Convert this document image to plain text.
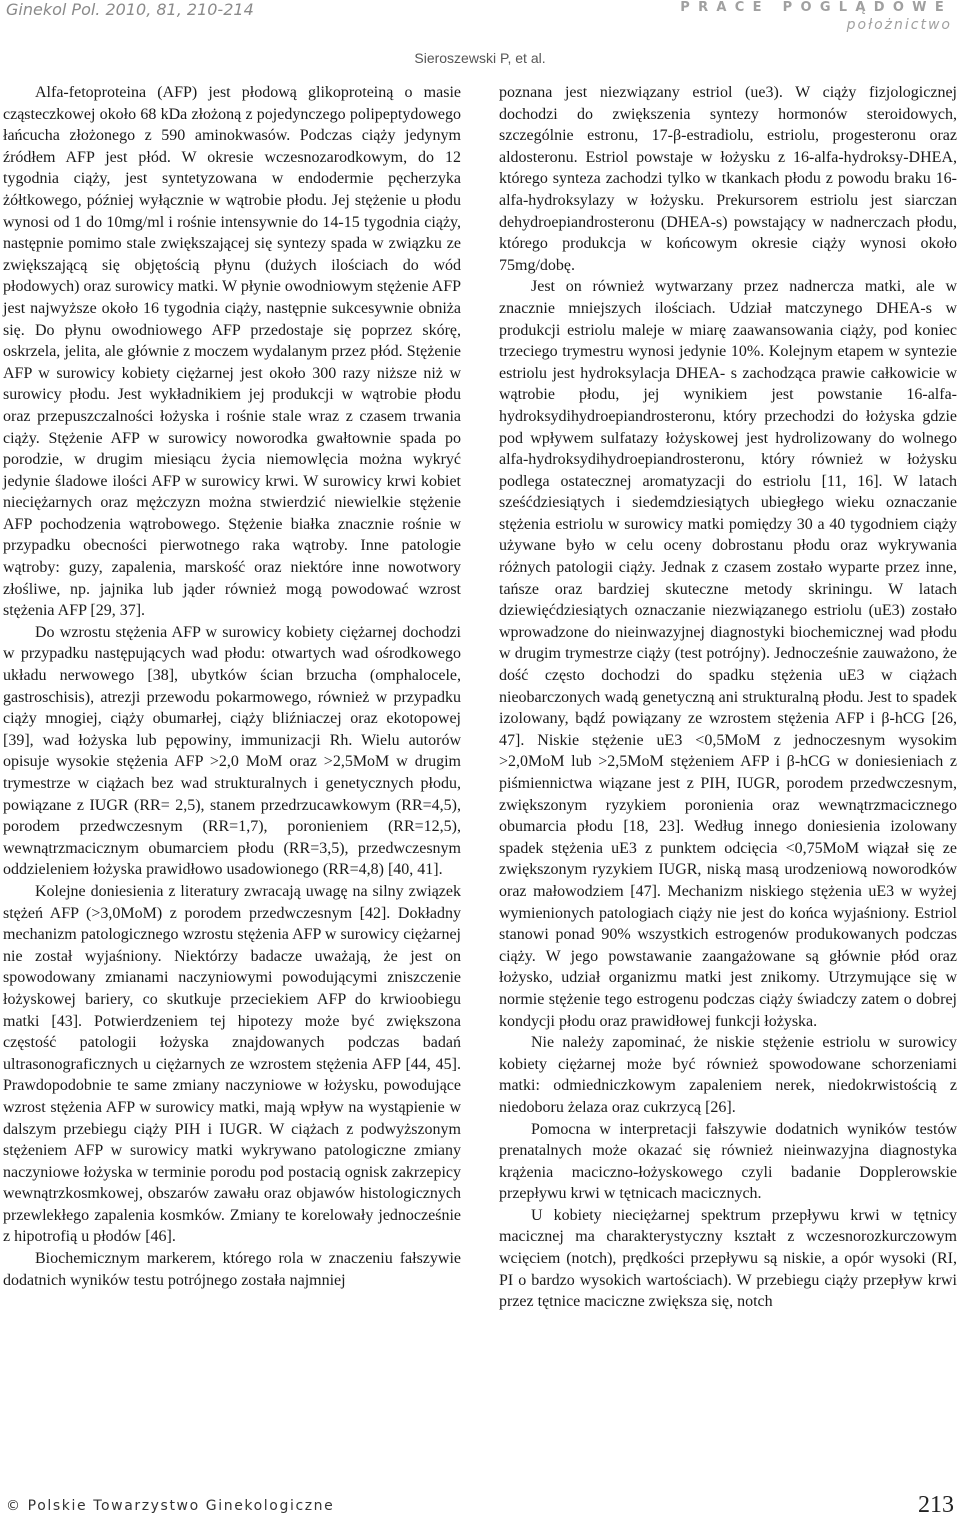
Ginekol Pol. 2010, 81, 210-214	PRACE POGLĄDOWE
położnictwo
Sieroszewski P, et al.

Alfa-fetoproteina (AFP) jest płodową glikoproteiną o masie cząsteczkowej około 68 kDa złożoną z pojedynczego polipeptydowego łańcucha złożonego z 590 aminokwasów. Podczas ciąży jedynym źródłem AFP jest płód. W okresie wczesnozarodkowym, do 12 tygodnia ciąży, jest syntetyzowana w endodermie pęcherzyka żółtkowego, później wyłącznie w wątrobie płodu. Jej stężenie u płodu wynosi od 1 do 10mg/ml i rośnie intensywnie do 14-15 tygodnia ciąży, następnie pomimo stale zwiększającej się syntezy spada w związku ze zwiększającą się objętością płynu (dużych ilościach do wód płodowych) oraz surowicy matki. W płynie owodniowym stężenie AFP jest najwyższe około 16 tygodnia ciąży, następnie sukcesywnie obniża się. Do płynu owodniowego AFP przedostaje się poprzez skórę, oskrzela, jelita, ale głównie z moczem wydalanym przez płód. Stężenie AFP w surowicy kobiety ciężarnej jest około 300 razy niższe niż w surowicy płodu. Jest wykładnikiem jej produkcji w wątrobie płodu oraz przepuszczalności łożyska i rośnie stale wraz z czasem trwania ciąży. Stężenie AFP w surowicy noworodka gwałtownie spada po porodzie, w drugim miesiącu życia niemowlęcia można wykryć jedynie śladowe ilości AFP w surowicy krwi. W surowicy krwi kobiet nieciężarnych oraz mężczyzn można stwierdzić niewielkie stężenie AFP pochodzenia wątrobowego. Stężenie białka znacznie rośnie w przypadku obecności pierwotnego raka wątroby. Inne patologie wątroby: guzy, zapalenia, marskość oraz niektóre inne nowotwory złośliwe, np. jajnika lub jąder również mogą powodować wzrost stężenia AFP [29, 37].

Do wzrostu stężenia AFP w surowicy kobiety ciężarnej dochodzi w przypadku następujących wad płodu: otwartych wad ośrodkowego układu nerwowego [38], ubytków ścian brzucha (omphalocele, gastroschisis), atrezji przewodu pokarmowego, również w przypadku ciąży mnogiej, ciąży obumarłej, ciąży bliźniaczej oraz ekotopowej [39], wad łożyska lub pępowiny, immunizacji Rh. Wielu autorów opisuje wysokie stężenia AFP >2,0 MoM oraz >2,5MoM w drugim trymestrze w ciążach bez wad strukturalnych i genetycznych płodu, powiązane z IUGR (RR= 2,5), stanem przedrzucawkowym (RR=4,5), porodem przedwczesnym (RR=1,7), poronieniem (RR=12,5), wewnątrzmacicznym obumarciem płodu (RR=3,5), przedwczesnym oddzieleniem łożyska prawidłowo usadowionego (RR=4,8) [40, 41].

Kolejne doniesienia z literatury zwracają uwagę na silny związek stężeń AFP (>3,0MoM) z porodem przedwczesnym [42]. Dokładny mechanizm patologicznego wzrostu stężenia AFP w surowicy ciężarnej nie został wyjaśniony. Niektórzy badacze uważają, że jest on spowodowany zmianami naczyniowymi powodującymi zniszczenie łożyskowej bariery, co skutkuje przeciekiem AFP do krwioobiegu matki [43]. Potwierdzeniem tej hipotezy może być zwiększona częstość patologii łożyska znajdowanych podczas badań ultrasonograficznych u ciężarnych ze wzrostem stężenia AFP [44, 45]. Prawdopodobnie te same zmiany naczyniowe w łożysku, powodujące wzrost stężenia AFP w surowicy matki, mają wpływ na wystąpienie w dalszym przebiegu ciąży PIH i IUGR. W ciążach z podwyższonym stężeniem AFP w surowicy matki wykrywano patologiczne zmiany naczyniowe łożyska w terminie porodu pod postacią ognisk zakrzepicy wewnątrzkosmkowej, obszarów zawału oraz objawów histologicznych przewlekłego zapalenia kosmków. Zmiany te korelowały jednocześnie z hipotrofią u płodów [46].

Biochemicznym markerem, którego rola w znaczeniu fałszywie dodatnich wyników testu potrójnego została najmniej

poznana jest niezwiązany estriol (ue3). W ciąży fizjologicznej dochodzi do zwiększenia syntezy hormonów steroidowych, szczególnie estronu, 17-β-estradiolu, estriolu, progesteronu oraz aldosteronu. Estriol powstaje w łożysku z 16-alfa-hydroksy-DHEA, którego synteza zachodzi tylko w tkankach płodu z powodu braku 16-alfa-hydroksylazy w łożysku. Prekursorem estriolu jest siarczan dehydroepiandrosteronu (DHEA-s) powstający w nadnerczach płodu, którego produkcja w końcowym okresie ciąży wynosi około 75mg/dobę.

Jest on również wytwarzany przez nadnercza matki, ale w znacznie mniejszych ilościach. Udział matczynego DHEA-s w produkcji estriolu maleje w miarę zaawansowania ciąży, pod koniec trzeciego trymestru wynosi jedynie 10%. Kolejnym etapem w syntezie estriolu jest hydroksylacja DHEA- s zachodząca prawie całkowicie w wątrobie płodu, jej wynikiem jest powstanie 16-alfa- hydroksydihydroepiandrosteronu, który przechodzi do łożyska gdzie pod wpływem sulfatazy łożyskowej jest hydrolizowany do wolnego alfa-hydroksydihydroepiandrosteronu, który również w łożysku podlega ostatecznej aromatyzacji do estriolu [11, 16]. W latach sześćdziesiątych i siedemdziesiątych ubiegłego wieku oznaczanie stężenia estriolu w surowicy matki pomiędzy 30 a 40 tygodniem ciąży używane było w celu oceny dobrostanu płodu oraz wykrywania różnych patologii ciąży. Jednak z czasem zostało wyparte przez inne, tańsze oraz bardziej skuteczne metody skriningu. W latach dziewięćdziesiątych oznaczanie niezwiązanego estriolu (uE3) zostało wprowadzone do nieinwazyjnej diagnostyki biochemicznej wad płodu w drugim trymestrze ciąży (test potrójny). Jednocześnie zauważono, że dość często dochodzi do spadku stężenia uE3 w ciążach nieobarczonych wadą genetyczną ani strukturalną płodu. Jest to spadek izolowany, bądź powiązany ze wzrostem stężenia AFP i β-hCG [26, 47]. Niskie stężenie uE3 <0,5MoM z jednoczesnym wysokim >2,0MoM lub >2,5MoM stężeniem AFP i β-hCG w doniesieniach z piśmiennictwa wiązane jest z PIH, IUGR, porodem przedwczesnym, zwiększonym ryzykiem poronienia oraz wewnątrzmacicznego obumarcia płodu [18, 23]. Według innego doniesienia izolowany spadek stężenia uE3 z punktem odcięcia <0,75MoM wiązał się ze zwiększonym ryzykiem IUGR, niską masą urodzeniową noworodków oraz małowodziem [47]. Mechanizm niskiego stężenia uE3 w wyżej wymienionych patologiach ciąży nie jest do końca wyjaśniony. Estriol stanowi ponad 90% wszystkich estrogenów produkowanych podczas ciąży. W jego powstawanie zaangażowane są głównie płód oraz łożysko, udział organizmu matki jest znikomy. Utrzymujące się w normie stężenie tego estrogenu podczas ciąży świadczy zatem o dobrej kondycji płodu oraz prawidłowej funkcji łożyska.

Nie należy zapominać, że niskie stężenie estriolu w surowicy kobiety ciężarnej może być również spowodowane schorzeniami matki: odmiedniczkowym zapaleniem nerek, niedokrwistością z niedoboru żelaza oraz cukrzycą [26].

Pomocna w interpretacji fałszywie dodatnich wyników testów prenatalnych może okazać się również nieinwazyjna diagnostyka krążenia maciczno-łożyskowego czyli badanie Dopplerowskie przepływu krwi w tętnicach macicznych.

U kobiety nieciężarnej spektrum przepływu krwi w tętnicy macicznej ma charakterystyczny kształt z wczesnorozkurczowym wcięciem (notch), prędkości przepływu są niskie, a opór wysoki (RI, PI o bardzo wysokich wartościach). W przebiegu ciąży przepływ krwi przez tętnice maciczne zwiększa się, notch

© Polskie Towarzystwo Ginekologiczne	213
